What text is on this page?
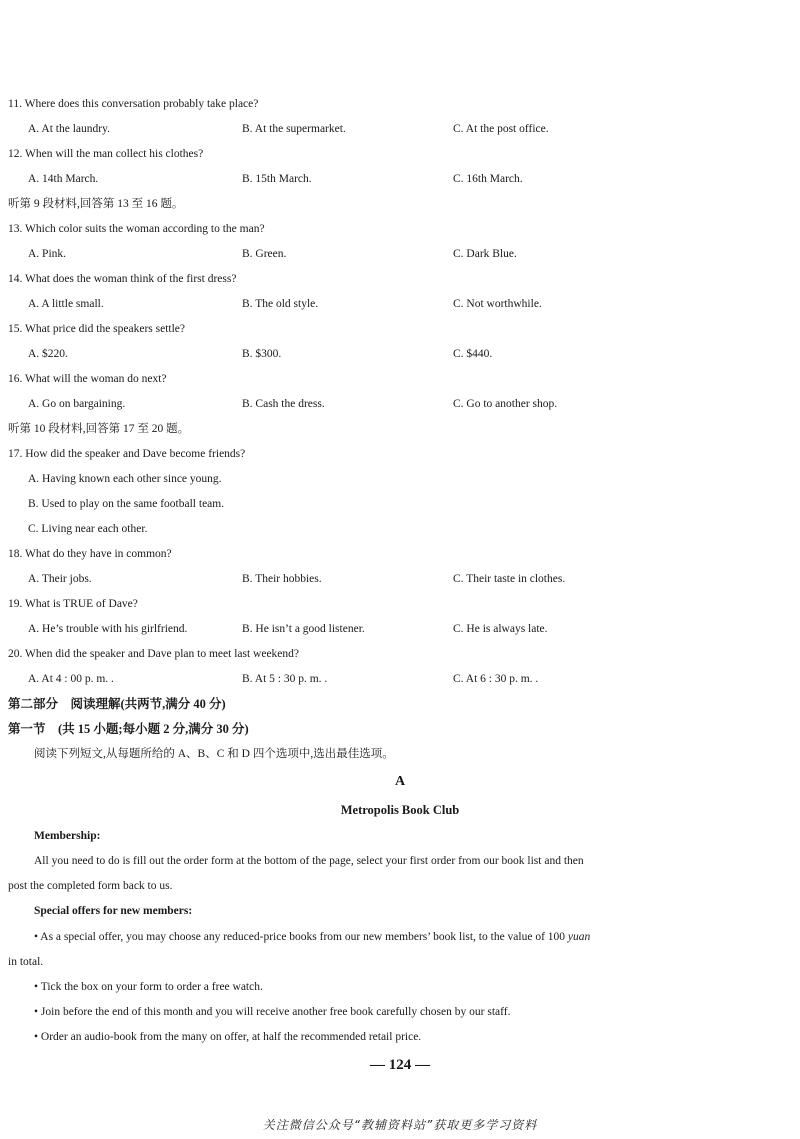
11. Where does this conversation probably take place?
A. At the laundry.	B. At the supermarket.	C. At the post office.
12. When will the man collect his clothes?
A. 14th March.	B. 15th March.	C. 16th March.
听第 9 段材料,回答第 13 至 16 题。
13. Which color suits the woman according to the man?
A. Pink.	B. Green.	C. Dark Blue.
14. What does the woman think of the first dress?
A. A little small.	B. The old style.	C. Not worthwhile.
15. What price did the speakers settle?
A. $220.	B. $300.	C. $440.
16. What will the woman do next?
A. Go on bargaining.	B. Cash the dress.	C. Go to another shop.
听第 10 段材料,回答第 17 至 20 题。
17. How did the speaker and Dave become friends?
A. Having known each other since young.
B. Used to play on the same football team.
C. Living near each other.
18. What do they have in common?
A. Their jobs.	B. Their hobbies.	C. Their taste in clothes.
19. What is TRUE of Dave?
A. He’s trouble with his girlfriend.	B. He isn’t a good listener.	C. He is always late.
20. When did the speaker and Dave plan to meet last weekend?
A. At 4 : 00 p. m. .	B. At 5 : 30 p. m. .	C. At 6 : 30 p. m. .
第二部分　阅读理解(共两节,满分 40 分)
第一节　(共 15 小题;每小题 2 分,满分 30 分)
阅读下列短文,从每题所给的 A、B、C 和 D 四个选项中,选出最佳选项。
A
Metropolis Book Club
Membership:
All you need to do is fill out the order form at the bottom of the page, select your first order from our book list and then
post the completed form back to us.
Special offers for new members:
• As a special offer, you may choose any reduced-price books from our new members’ book list, to the value of 100 yuan
in total.
• Tick the box on your form to order a free watch.
• Join before the end of this month and you will receive another free book carefully chosen by our staff.
• Order an audio-book from the many on offer, at half the recommended retail price.
— 124 —
关注微信公众号“教辅资料站”获取更多学习资料
